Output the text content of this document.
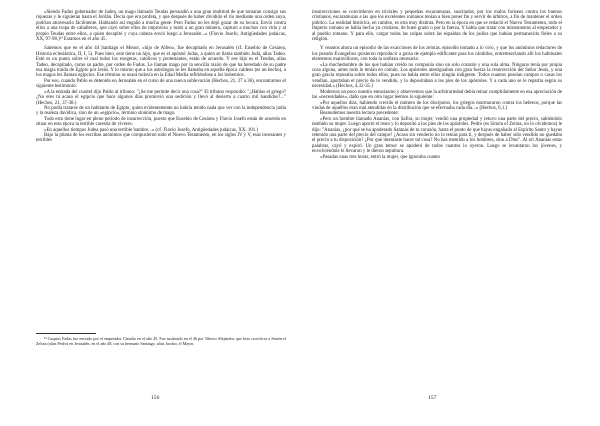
«Siendo Fadus gobernador de Judea, un mago llamado Teudas persuadió a una gran multitud de que tomaran consigo sus riquezas y le siguieran hasta el Jordán. Decía que era profeta, y que después de haber dividido el río mediante una orden suya, podrían atravesarlo fácilmente. Hablando así engañó a mucha gente. Pero Fadus no les dejó gozar de su locura. Envió contra ellos a una tropa de caballeros, que cayó sobre ellos de improviso y mató a un gran número, capturó a muchos con vida y al propio Teudas entre ellos, a quien decapitó y cuya cabeza envió luego a Jerusalén...» (Flavio Josefo, Antigüedades judaicas, XX, 97-98.)²³ Estamos en el año 45.

Sabemos que en el año 44 Santiago el Menor, «hijo de Alfeo», fue decapitado en Jerusalén (cf. Eusebio de Cesárea, Historia eclesiástica, II, I, 5). Pues bien, este tiene un hijo, que es el apóstol Judas, a quien se llama también Judá, alias Tadeo. Este es un punto sobre el cual todos los exegetas, católicos y protestantes, están de acuerdo. Y ese hijo es el Teudas, alias Tadeo, decapitado, como su padre, por orden de Fadus. Le llaman mago por la sencilla razón de que ha heredado de su padre esa magia traída de Egipto por Jesús. Y lo mismo que a los astrólogos se les llamaba en aquella época caldeos (es un hecho), a los magos les llaman egipcios. Ese término se usará todavía en la Edad Media refiriéndose a los bohemios.

Por eso, cuando Pablo es detenido en Jerusalén en el curso de una nueva sublevación (Hechos, 21, 27 a 36), encontramos el siguiente testimonio:

«A la entrada del cuartel dijo Pablo al tribuno: "¿Se me permite decir una cosa?" El tribuno respondió: "¿Hablas el griego? ¿No eres tú acaso el egipcio que hace algunos días promovió una sedición y llevó al desierto a cuatro mil bandidos?..." (Hechos, 21, 37-38.)

No podía tratarse de un habitante de Egipto, quien evidentemente no habría tenido nada que ver con la independencia judía y la realeza davídica, sino de un «egipcio», término sinónimo de mago.

Todo esto tiene lugar en pleno período de insurrección, puesto que Eusebio de Cesárea y Flavio Josefo están de acuerdo en situar en esta época la terrible carestía de víveres:

«En aquellos tiempos Judea pasó una terrible hambre...» (cf. Flavio Josefo, Antigüedades judaicas, XX, 101.)

Bajo la pluma de los escribas anónimos que compusieron todo el Nuevo Testamento, en los siglos IV y V, esas incesantes y terribles

²³ Cuspius Fadus fue enviado por el emperador Claudio en el año 45. Fue sustituido en el 46 por Tiberio Alejandro, que hizo crucificar a Simón el Zelota (alias Pedro) en Jerusalén, en el año 48, con su hermano Santiago, alias Jacobo, el Mayor.

156

insurrecciones se convirtieron en triviales y pequeñas escaramuzas, suscitadas, por los malos fariseos contra los buenos cristianos, escaramuzas a las que los excelentes romanos tenían a bien poner fin y servir de árbitros, a fin de mantener el orden público. La realidad histórica, en cambio, es otra muy distinta. Pero en la época en que se redactó el Nuevo Testamento, todo el Imperio romano se había hecho ya cristiano, de buen grado o por la fuerza. Y había que tratar con miramientos al emperador y al pueblo romano. Y para ello, cargar todas las culpas sobre las espaldas de los judíos que habían permanecido fieles a su religión.

Y veamos ahora un episodio de las exacciones de los zelotas, episodio tomado a lo vivo, y que los anónimos redactores de los pseudo Evangelios quisieron reproducir a guisa de ejemplo edificante para los cándidos, entremezclando allí los habituales elementos maravillosos, con toda la sutileza necesaria:

«La muchedumbre de los que habían creído no componía sino un solo corazón y una sola alma. Ninguno tenía por propia cosa alguna, antes todo lo tenían en común. Los apóstoles atestiguaban con gran fuerza la resurrección del Señor Jesús, y una gran gracia reposaba sobre todos ellos, pues no había entre ellos ningún indigente. Todos cuantos poseían campos o casas los vendían, aportaban el precio de lo vendido, y lo depositaban a los pies de los apóstoles. Y a cada uno se le repartía según su necesidad.» (Hechos, 4,32-35.)

Modernos un poco nuestro entusiasmo y observemos que la arbitrariedad debía reinar cumplidamente en esa apreciación de las «necesidades», dado que en otro lugar leemos lo siguiente:

«Por aquellos días, habiendo crecido el número de los discípulos, los griegos murmuraron contra los hebreos, porque las viudas de aquéllos eran mal atendidas en la distribución que se efectuaba cada día...» (Hechos, 6,1.)

Reanudemos nuestra lectura precedente:

«Pero un hombre llamado Ananías, con Safira, su mujer, vendió una propiedad y retuvo una parte del precio, sabiéndolo también su mujer. Luego aportó el resto y lo depositó a los pies de los apóstoles. Pedro (es Simón el Zelota, no lo olvidemos) le dijo: "Ananías, ¿por qué se ha apoderado Satanás de tu corazón, hasta el punto de que hayas engañado al Espíritu Santo y hayas retenido una parte del precio del campo? ¿Acaso sin venderlo no lo tenías para ti, y después de haber sido vendido no quedaba el precio a tu disposición? ¿Por qué intentaste hacer tal cosa? No has mentido a los hombres, sino a Dios". Al oír Ananías estas palabras, cayó y expiró. Un gran temor se apoderó de todos cuantos lo oyeron. Luego se levantaron los jóvenes, y envolviéndole le llevaron y le dieron sepultura.

«Pasadas unas tres horas, entró la mujer, que ignoraba cuanto

157
